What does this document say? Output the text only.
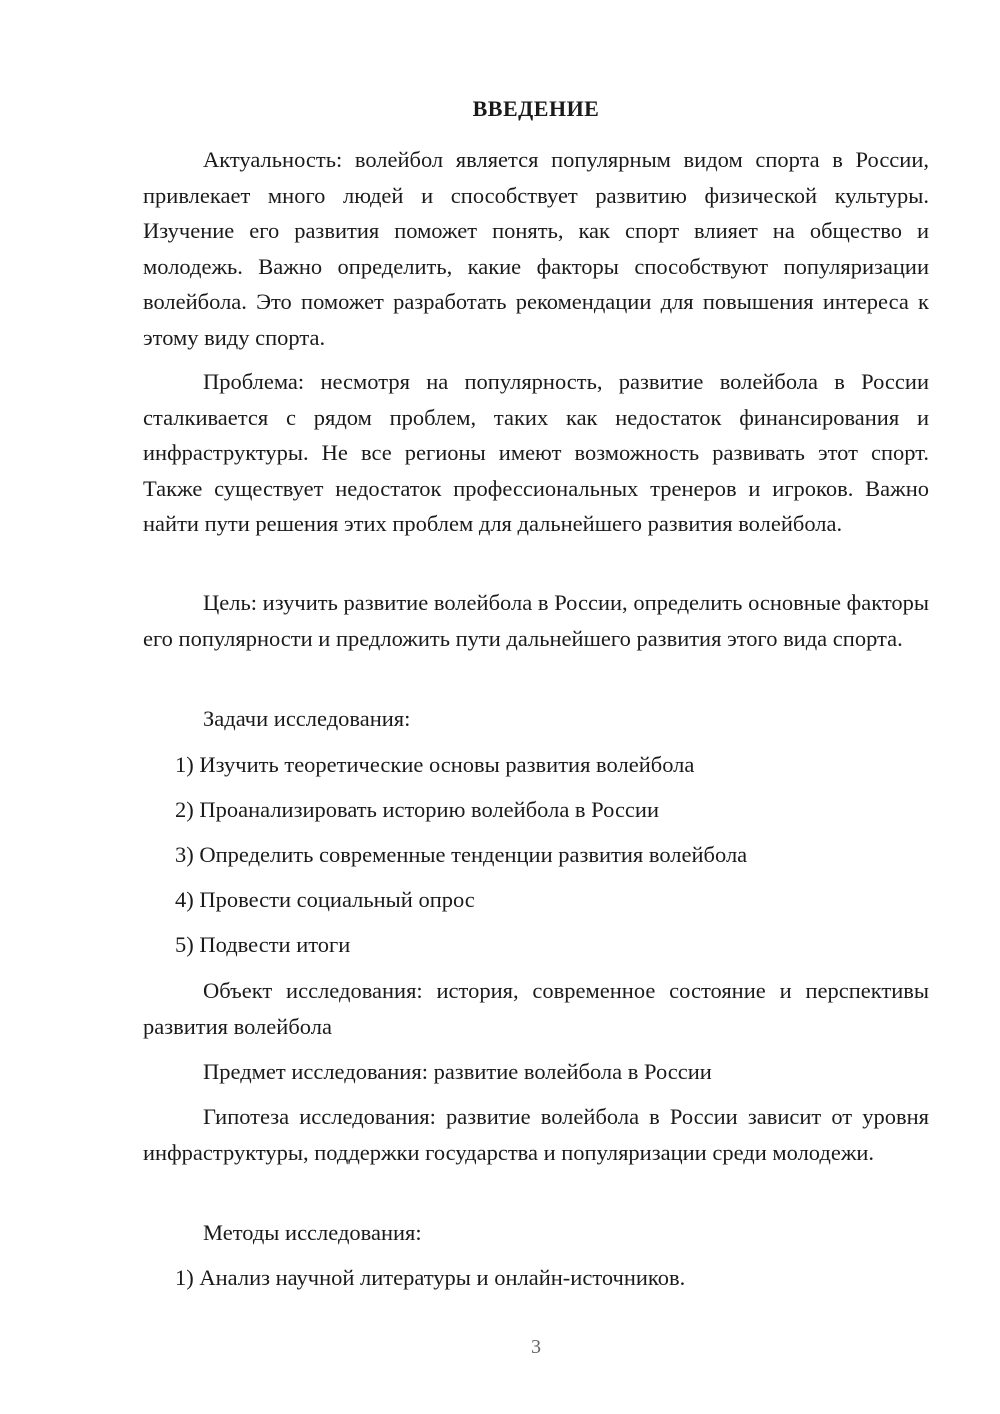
ВВЕДЕНИЕ

Актуальность: волейбол является популярным видом спорта в России, привлекает много людей и способствует развитию физической культуры. Изучение его развития поможет понять, как спорт влияет на общество и молодежь. Важно определить, какие факторы способствуют популяризации волейбола. Это поможет разработать рекомендации для повышения интереса к этому виду спорта.

Проблема: несмотря на популярность, развитие волейбола в России сталкивается с рядом проблем, таких как недостаток финансирования и инфраструктуры. Не все регионы имеют возможность развивать этот спорт. Также существует недостаток профессиональных тренеров и игроков. Важно найти пути решения этих проблем для дальнейшего развития волейбола.

Цель: изучить развитие волейбола в России, определить основные факторы его популярности и предложить пути дальнейшего развития этого вида спорта.

Задачи исследования:

1) Изучить теоретические основы развития волейбола

2) Проанализировать историю волейбола в России

3) Определить современные тенденции развития волейбола

4) Провести социальный опрос

5) Подвести итоги

Объект исследования: история, современное состояние и перспективы развития волейбола

Предмет исследования: развитие волейбола в России

Гипотеза исследования: развитие волейбола в России зависит от уровня инфраструктуры, поддержки государства и популяризации среди молодежи.

Методы исследования:

1) Анализ научной литературы и онлайн-источников.

3
